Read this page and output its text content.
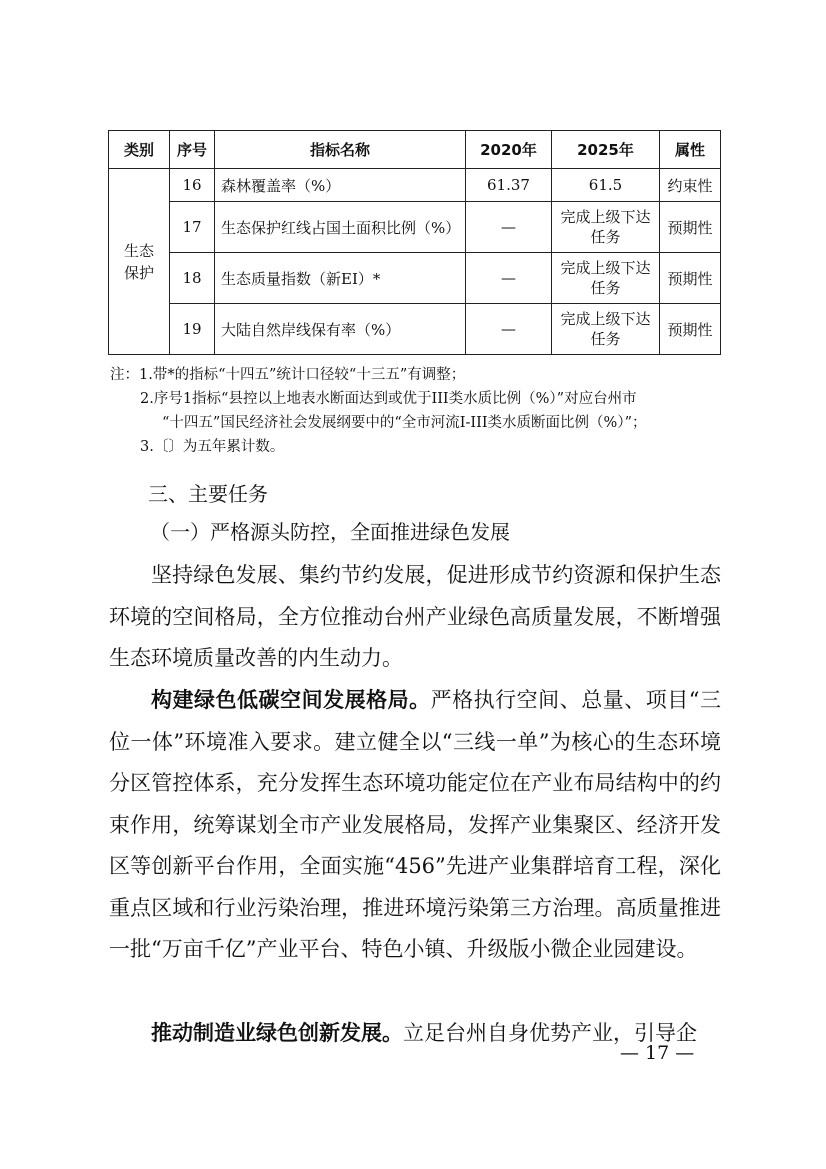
类别	序号	指标名称	2020年	2025年	属性
生态保护	16	森林覆盖率（%）	61.37	61.5	约束性
	17	生态保护红线占国土面积比例（%）	—	完成上级下达任务	预期性
	18	生态质量指数（新EI）*	—	完成上级下达任务	预期性
	19	大陆自然岸线保有率（%）	—	完成上级下达任务	预期性
注：1.带*的指标“十四五”统计口径较“十三五”有调整；
2.序号1指标“县控以上地表水断面达到或优于III类水质比例（%）”对应台州市
“十四五”国民经济社会发展纲要中的“全市河流I-III类水质断面比例（%）”；
3.〔〕为五年累计数。
三、主要任务
（一）严格源头防控，全面推进绿色发展
坚持绿色发展、集约节约发展，促进形成节约资源和保护生态环境的空间格局，全方位推动台州产业绿色高质量发展，不断增强生态环境质量改善的内生动力。
构建绿色低碳空间发展格局。严格执行空间、总量、项目“三位一体”环境准入要求。建立健全以“三线一单”为核心的生态环境分区管控体系，充分发挥生态环境功能定位在产业布局结构中的约束作用，统筹谋划全市产业发展格局，发挥产业集聚区、经济开发区等创新平台作用，全面实施“456”先进产业集群培育工程，深化重点区域和行业污染治理，推进环境污染第三方治理。高质量推进一批“万亩千亿”产业平台、特色小镇、升级版小微企业园建设。
推动制造业绿色创新发展。立足台州自身优势产业，引导企
— 17 —
